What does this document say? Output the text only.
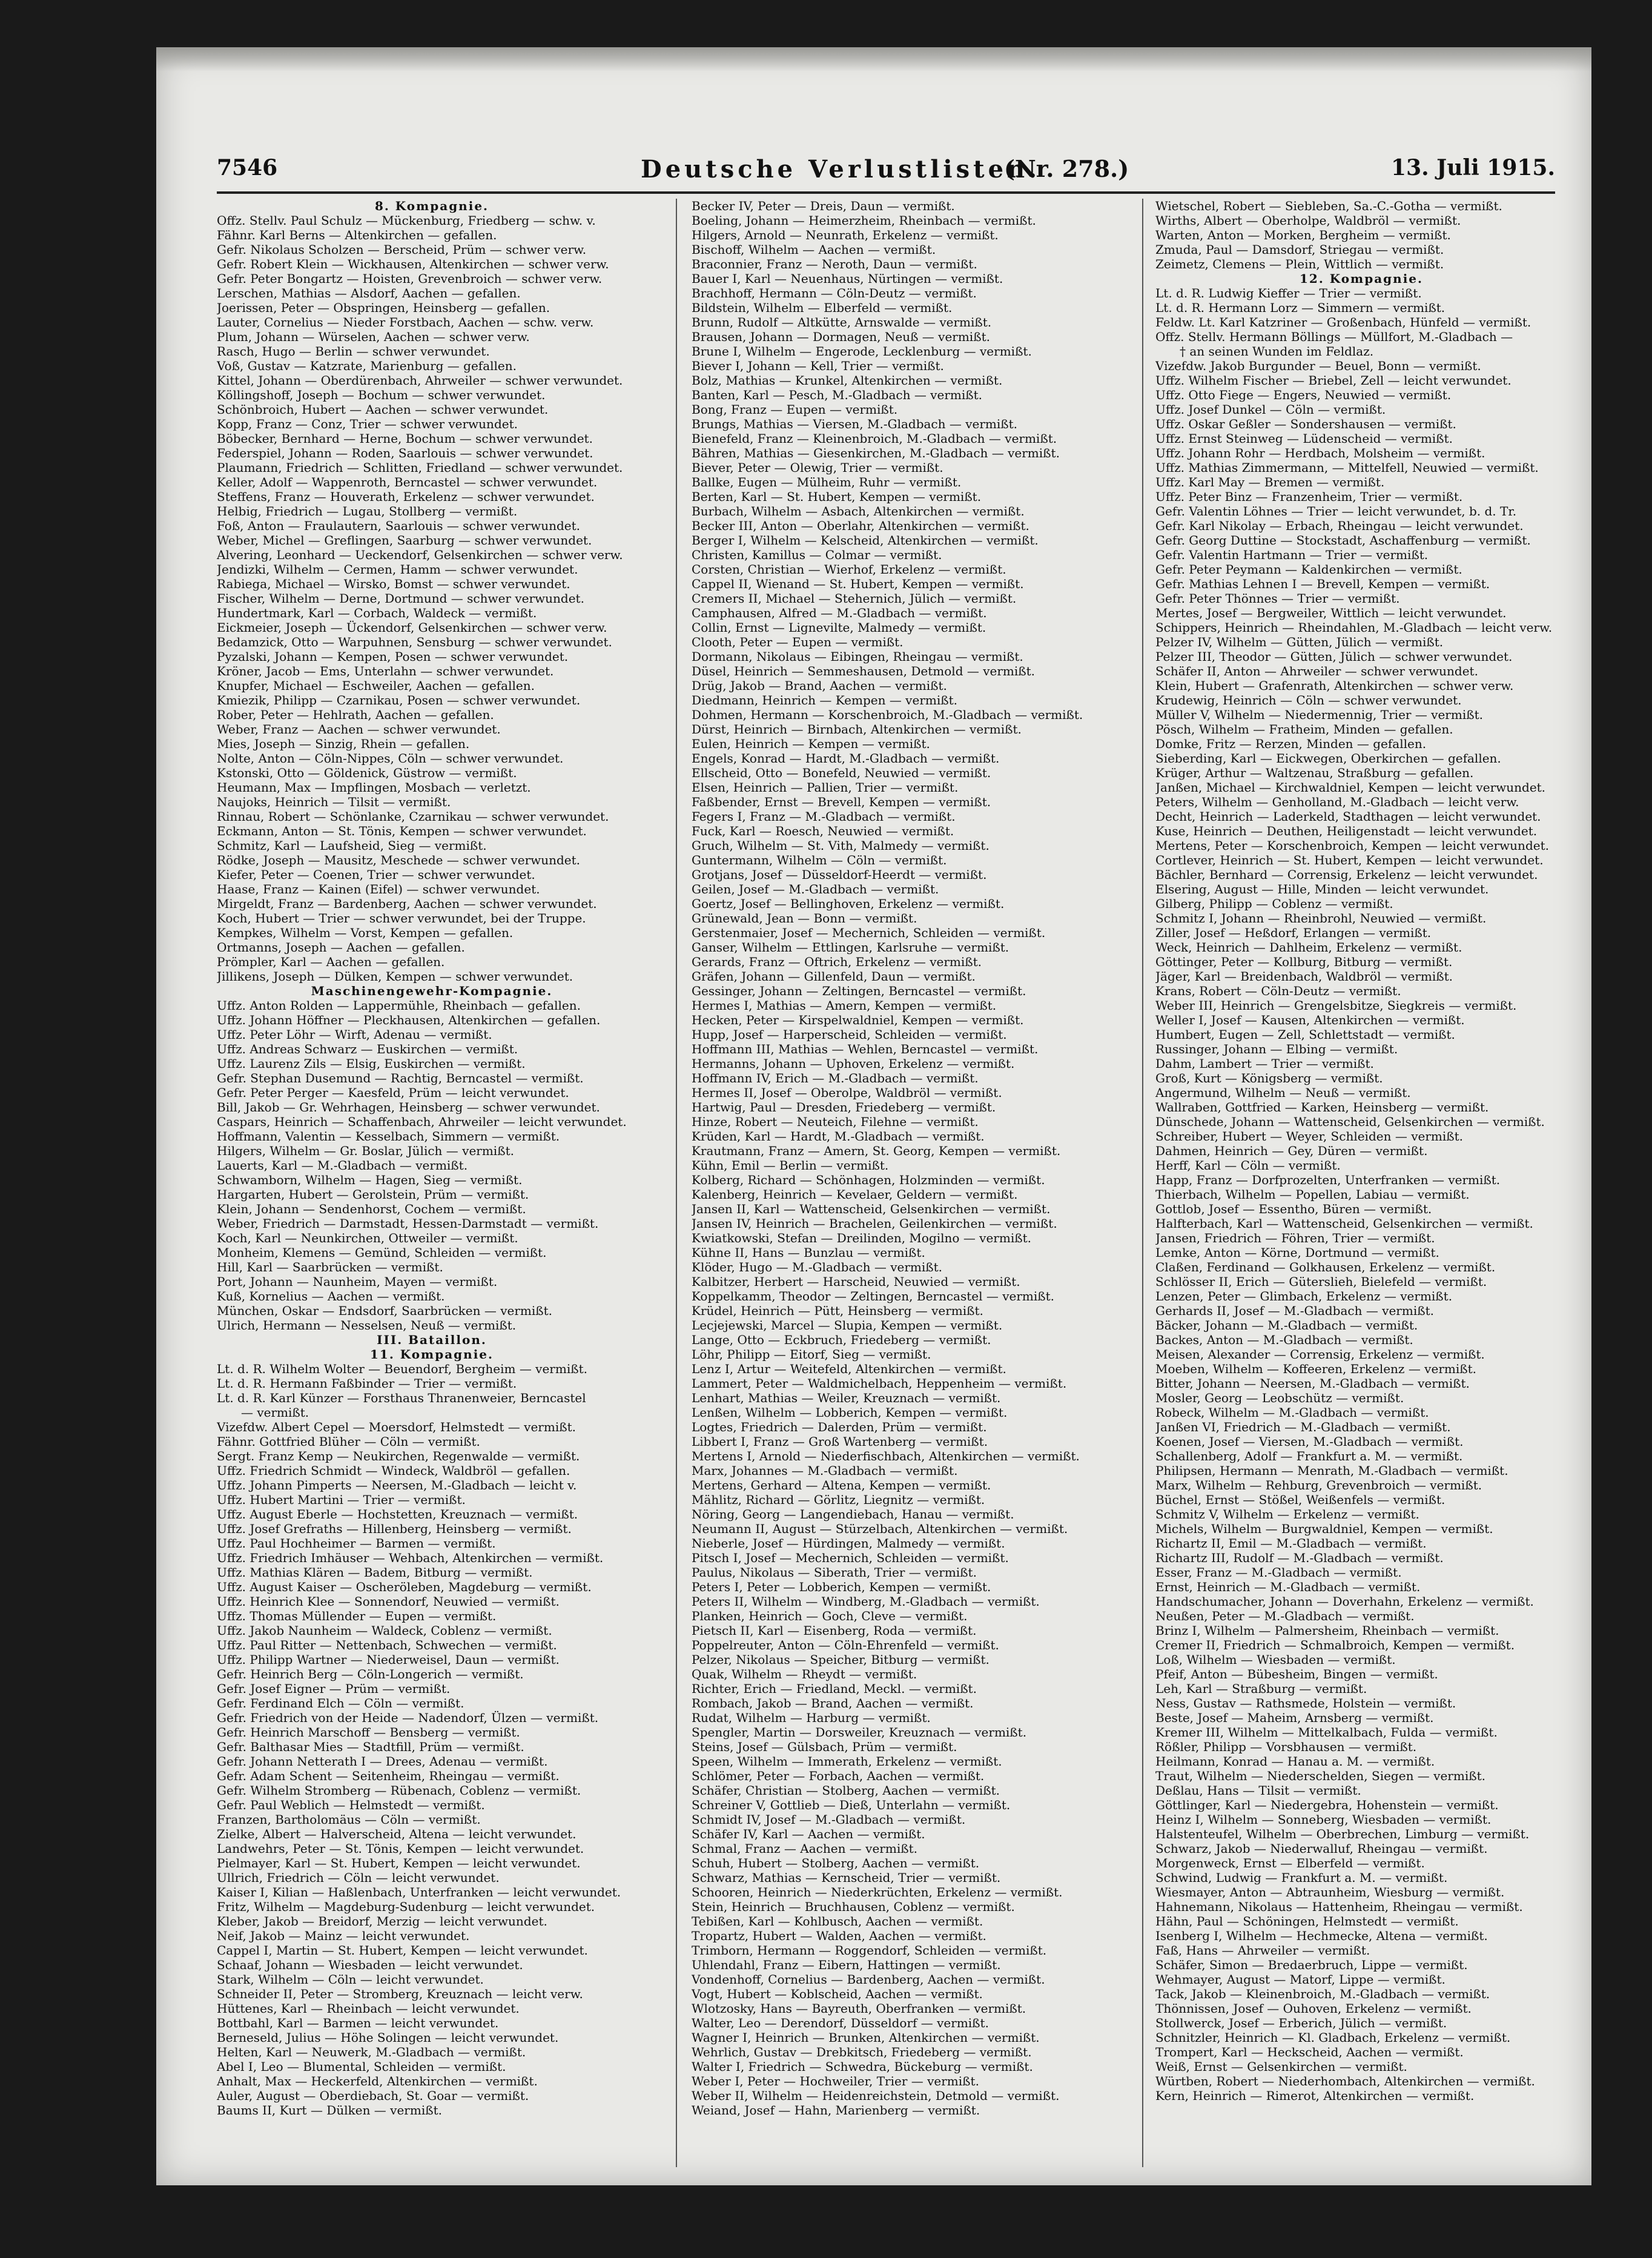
7546	Deutsche Verlustlisten.
(Nr. 278.)	13. Juli 1915.
8. Kompagnie.
Offz. Stellv. Paul Schulz — Mückenburg, Friedberg — schw. v.
Fähnr. Karl Berns — Altenkirchen — gefallen.
Gefr. Nikolaus Scholzen — Berscheid, Prüm — schwer verw.
Gefr. Robert Klein — Wickhausen, Altenkirchen — schwer verw.
Gefr. Peter Bongartz — Hoisten, Grevenbroich — schwer verw.
Lerschen, Mathias — Alsdorf, Aachen — gefallen.
Joerissen, Peter — Obspringen, Heinsberg — gefallen.
Lauter, Cornelius — Nieder Forstbach, Aachen — schw. verw.
Plum, Johann — Würselen, Aachen — schwer verw.
Rasch, Hugo — Berlin — schwer verwundet.
Voß, Gustav — Katzrate, Marienburg — gefallen.
Kittel, Johann — Oberdürenbach, Ahrweiler — schwer verwundet.
Köllingshoff, Joseph — Bochum — schwer verwundet.
Schönbroich, Hubert — Aachen — schwer verwundet.
Kopp, Franz — Conz, Trier — schwer verwundet.
Böbecker, Bernhard — Herne, Bochum — schwer verwundet.
Federspiel, Johann — Roden, Saarlouis — schwer verwundet.
Plaumann, Friedrich — Schlitten, Friedland — schwer verwundet.
Keller, Adolf — Wappenroth, Berncastel — schwer verwundet.
Steffens, Franz — Houverath, Erkelenz — schwer verwundet.
Helbig, Friedrich — Lugau, Stollberg — vermißt.
Foß, Anton — Fraulautern, Saarlouis — schwer verwundet.
Weber, Michel — Greflingen, Saarburg — schwer verwundet.
Alvering, Leonhard — Ueckendorf, Gelsenkirchen — schwer verw.
Jendizki, Wilhelm — Cermen, Hamm — schwer verwundet.
Rabiega, Michael — Wirsko, Bomst — schwer verwundet.
Fischer, Wilhelm — Derne, Dortmund — schwer verwundet.
Hundertmark, Karl — Corbach, Waldeck — vermißt.
Eickmeier, Joseph — Ückendorf, Gelsenkirchen — schwer verw.
Bedamzick, Otto — Warpuhnen, Sensburg — schwer verwundet.
Pyzalski, Johann — Kempen, Posen — schwer verwundet.
Kröner, Jacob — Ems, Unterlahn — schwer verwundet.
Knupfer, Michael — Eschweiler, Aachen — gefallen.
Kmiezik, Philipp — Czarnikau, Posen — schwer verwundet.
Rober, Peter — Hehlrath, Aachen — gefallen.
Weber, Franz — Aachen — schwer verwundet.
Mies, Joseph — Sinzig, Rhein — gefallen.
Nolte, Anton — Cöln-Nippes, Cöln — schwer verwundet.
Kstonski, Otto — Göldenick, Güstrow — vermißt.
Heumann, Max — Impflingen, Mosbach — verletzt.
Naujoks, Heinrich — Tilsit — vermißt.
Rinnau, Robert — Schönlanke, Czarnikau — schwer verwundet.
Eckmann, Anton — St. Tönis, Kempen — schwer verwundet.
Schmitz, Karl — Laufsheid, Sieg — vermißt.
Rödke, Joseph — Mausitz, Meschede — schwer verwundet.
Kiefer, Peter — Coenen, Trier — schwer verwundet.
Haase, Franz — Kainen (Eifel) — schwer verwundet.
Mirgeldt, Franz — Bardenberg, Aachen — schwer verwundet.
Koch, Hubert — Trier — schwer verwundet, bei der Truppe.
Kempkes, Wilhelm — Vorst, Kempen — gefallen.
Ortmanns, Joseph — Aachen — gefallen.
Prömpler, Karl — Aachen — gefallen.
Jillikens, Joseph — Dülken, Kempen — schwer verwundet.
Maschinengewehr-Kompagnie.
Uffz. Anton Rolden — Lappermühle, Rheinbach — gefallen.
Uffz. Johann Höffner — Pleckhausen, Altenkirchen — gefallen.
Uffz. Peter Löhr — Wirft, Adenau — vermißt.
Uffz. Andreas Schwarz — Euskirchen — vermißt.
Uffz. Laurenz Zils — Elsig, Euskirchen — vermißt.
Gefr. Stephan Dusemund — Rachtig, Berncastel — vermißt.
Gefr. Peter Perger — Kaesfeld, Prüm — leicht verwundet.
Bill, Jakob — Gr. Wehrhagen, Heinsberg — schwer verwundet.
Caspars, Heinrich — Schaffenbach, Ahrweiler — leicht verwundet.
Hoffmann, Valentin — Kesselbach, Simmern — vermißt.
Hilgers, Wilhelm — Gr. Boslar, Jülich — vermißt.
Lauerts, Karl — M.-Gladbach — vermißt.
Schwamborn, Wilhelm — Hagen, Sieg — vermißt.
Hargarten, Hubert — Gerolstein, Prüm — vermißt.
Klein, Johann — Sendenhorst, Cochem — vermißt.
Weber, Friedrich — Darmstadt, Hessen-Darmstadt — vermißt.
Koch, Karl — Neunkirchen, Ottweiler — vermißt.
Monheim, Klemens — Gemünd, Schleiden — vermißt.
Hill, Karl — Saarbrücken — vermißt.
Port, Johann — Naunheim, Mayen — vermißt.
Kuß, Kornelius — Aachen — vermißt.
München, Oskar — Endsdorf, Saarbrücken — vermißt.
Ulrich, Hermann — Nesselsen, Neuß — vermißt.
III. Bataillon.
11. Kompagnie.
Lt. d. R. Wilhelm Wolter — Beuendorf, Bergheim — vermißt.
Lt. d. R. Hermann Faßbinder — Trier — vermißt.
Lt. d. R. Karl Künzer — Forsthaus Thranenweier, Berncastel
— vermißt.
Vizefdw. Albert Cepel — Moersdorf, Helmstedt — vermißt.
Fähnr. Gottfried Blüher — Cöln — vermißt.
Sergt. Franz Kemp — Neukirchen, Regenwalde — vermißt.
Uffz. Friedrich Schmidt — Windeck, Waldbröl — gefallen.
Uffz. Johann Pimperts — Neersen, M.-Gladbach — leicht v.
Uffz. Hubert Martini — Trier — vermißt.
Uffz. August Eberle — Hochstetten, Kreuznach — vermißt.
Uffz. Josef Grefraths — Hillenberg, Heinsberg — vermißt.
Uffz. Paul Hochheimer — Barmen — vermißt.
Uffz. Friedrich Imhäuser — Wehbach, Altenkirchen — vermißt.
Uffz. Mathias Klären — Badem, Bitburg — vermißt.
Uffz. August Kaiser — Oscheröleben, Magdeburg — vermißt.
Uffz. Heinrich Klee — Sonnendorf, Neuwied — vermißt.
Uffz. Thomas Müllender — Eupen — vermißt.
Uffz. Jakob Naunheim — Waldeck, Coblenz — vermißt.
Uffz. Paul Ritter — Nettenbach, Schwechen — vermißt.
Uffz. Philipp Wartner — Niederweisel, Daun — vermißt.
Gefr. Heinrich Berg — Cöln-Longerich — vermißt.
Gefr. Josef Eigner — Prüm — vermißt.
Gefr. Ferdinand Elch — Cöln — vermißt.
Gefr. Friedrich von der Heide — Nadendorf, Ülzen — vermißt.
Gefr. Heinrich Marschoff — Bensberg — vermißt.
Gefr. Balthasar Mies — Stadtfill, Prüm — vermißt.
Gefr. Johann Netterath I — Drees, Adenau — vermißt.
Gefr. Adam Schent — Seitenheim, Rheingau — vermißt.
Gefr. Wilhelm Stromberg — Rübenach, Coblenz — vermißt.
Gefr. Paul Weblich — Helmstedt — vermißt.
Franzen, Bartholomäus — Cöln — vermißt.
Zielke, Albert — Halverscheid, Altena — leicht verwundet.
Landwehrs, Peter — St. Tönis, Kempen — leicht verwundet.
Pielmayer, Karl — St. Hubert, Kempen — leicht verwundet.
Ullrich, Friedrich — Cöln — leicht verwundet.
Kaiser I, Kilian — Haßlenbach, Unterfranken — leicht verwundet.
Fritz, Wilhelm — Magdeburg-Sudenburg — leicht verwundet.
Kleber, Jakob — Breidorf, Merzig — leicht verwundet.
Neif, Jakob — Mainz — leicht verwundet.
Cappel I, Martin — St. Hubert, Kempen — leicht verwundet.
Schaaf, Johann — Wiesbaden — leicht verwundet.
Stark, Wilhelm — Cöln — leicht verwundet.
Schneider II, Peter — Stromberg, Kreuznach — leicht verw.
Hüttenes, Karl — Rheinbach — leicht verwundet.
Bottbahl, Karl — Barmen — leicht verwundet.
Berneseld, Julius — Höhe Solingen — leicht verwundet.
Helten, Karl — Neuwerk, M.-Gladbach — vermißt.
Abel I, Leo — Blumental, Schleiden — vermißt.
Anhalt, Max — Heckerfeld, Altenkirchen — vermißt.
Auler, August — Oberdiebach, St. Goar — vermißt.
Baums II, Kurt — Dülken — vermißt.
Becker IV, Peter — Dreis, Daun — vermißt.
Boeling, Johann — Heimerzheim, Rheinbach — vermißt.
Hilgers, Arnold — Neunrath, Erkelenz — vermißt.
Bischoff, Wilhelm — Aachen — vermißt.
Braconnier, Franz — Neroth, Daun — vermißt.
Bauer I, Karl — Neuenhaus, Nürtingen — vermißt.
Brachhoff, Hermann — Cöln-Deutz — vermißt.
Bildstein, Wilhelm — Elberfeld — vermißt.
Brunn, Rudolf — Altkütte, Arnswalde — vermißt.
Brausen, Johann — Dormagen, Neuß — vermißt.
Brune I, Wilhelm — Engerode, Lecklenburg — vermißt.
Biever I, Johann — Kell, Trier — vermißt.
Bolz, Mathias — Krunkel, Altenkirchen — vermißt.
Banten, Karl — Pesch, M.-Gladbach — vermißt.
Bong, Franz — Eupen — vermißt.
Brungs, Mathias — Viersen, M.-Gladbach — vermißt.
Bienefeld, Franz — Kleinenbroich, M.-Gladbach — vermißt.
Bähren, Mathias — Giesenkirchen, M.-Gladbach — vermißt.
Biever, Peter — Olewig, Trier — vermißt.
Ballke, Eugen — Mülheim, Ruhr — vermißt.
Berten, Karl — St. Hubert, Kempen — vermißt.
Burbach, Wilhelm — Asbach, Altenkirchen — vermißt.
Becker III, Anton — Oberlahr, Altenkirchen — vermißt.
Berger I, Wilhelm — Kelscheid, Altenkirchen — vermißt.
Christen, Kamillus — Colmar — vermißt.
Corsten, Christian — Wierhof, Erkelenz — vermißt.
Cappel II, Wienand — St. Hubert, Kempen — vermißt.
Cremers II, Michael — Stehernich, Jülich — vermißt.
Camphausen, Alfred — M.-Gladbach — vermißt.
Collin, Ernst — Lignevilte, Malmedy — vermißt.
Clooth, Peter — Eupen — vermißt.
Dormann, Nikolaus — Eibingen, Rheingau — vermißt.
Düsel, Heinrich — Semmeshausen, Detmold — vermißt.
Drüg, Jakob — Brand, Aachen — vermißt.
Diedmann, Heinrich — Kempen — vermißt.
Dohmen, Hermann — Korschenbroich, M.-Gladbach — vermißt.
Dürst, Heinrich — Birnbach, Altenkirchen — vermißt.
Eulen, Heinrich — Kempen — vermißt.
Engels, Konrad — Hardt, M.-Gladbach — vermißt.
Ellscheid, Otto — Bonefeld, Neuwied — vermißt.
Elsen, Heinrich — Pallien, Trier — vermißt.
Faßbender, Ernst — Brevell, Kempen — vermißt.
Fegers I, Franz — M.-Gladbach — vermißt.
Fuck, Karl — Roesch, Neuwied — vermißt.
Gruch, Wilhelm — St. Vith, Malmedy — vermißt.
Guntermann, Wilhelm — Cöln — vermißt.
Grotjans, Josef — Düsseldorf-Heerdt — vermißt.
Geilen, Josef — M.-Gladbach — vermißt.
Goertz, Josef — Bellinghoven, Erkelenz — vermißt.
Grünewald, Jean — Bonn — vermißt.
Gerstenmaier, Josef — Mechernich, Schleiden — vermißt.
Ganser, Wilhelm — Ettlingen, Karlsruhe — vermißt.
Gerards, Franz — Oftrich, Erkelenz — vermißt.
Gräfen, Johann — Gillenfeld, Daun — vermißt.
Gessinger, Johann — Zeltingen, Berncastel — vermißt.
Hermes I, Mathias — Amern, Kempen — vermißt.
Hecken, Peter — Kirspelwaldniel, Kempen — vermißt.
Hupp, Josef — Harperscheid, Schleiden — vermißt.
Hoffmann III, Mathias — Wehlen, Berncastel — vermißt.
Hermanns, Johann — Uphoven, Erkelenz — vermißt.
Hoffmann IV, Erich — M.-Gladbach — vermißt.
Hermes II, Josef — Oberolpe, Waldbröl — vermißt.
Hartwig, Paul — Dresden, Friedeberg — vermißt.
Hinze, Robert — Neuteich, Filehne — vermißt.
Krüden, Karl — Hardt, M.-Gladbach — vermißt.
Krautmann, Franz — Amern, St. Georg, Kempen — vermißt.
Kühn, Emil — Berlin — vermißt.
Kolberg, Richard — Schönhagen, Holzminden — vermißt.
Kalenberg, Heinrich — Kevelaer, Geldern — vermißt.
Jansen II, Karl — Wattenscheid, Gelsenkirchen — vermißt.
Jansen IV, Heinrich — Brachelen, Geilenkirchen — vermißt.
Kwiatkowski, Stefan — Dreilinden, Mogilno — vermißt.
Kühne II, Hans — Bunzlau — vermißt.
Klöder, Hugo — M.-Gladbach — vermißt.
Kalbitzer, Herbert — Harscheid, Neuwied — vermißt.
Koppelkamm, Theodor — Zeltingen, Berncastel — vermißt.
Krüdel, Heinrich — Pütt, Heinsberg — vermißt.
Lecjejewski, Marcel — Slupia, Kempen — vermißt.
Lange, Otto — Eckbruch, Friedeberg — vermißt.
Löhr, Philipp — Eitorf, Sieg — vermißt.
Lenz I, Artur — Weitefeld, Altenkirchen — vermißt.
Lammert, Peter — Waldmichelbach, Heppenheim — vermißt.
Lenhart, Mathias — Weiler, Kreuznach — vermißt.
Lenßen, Wilhelm — Lobberich, Kempen — vermißt.
Logtes, Friedrich — Dalerden, Prüm — vermißt.
Libbert I, Franz — Groß Wartenberg — vermißt.
Mertens I, Arnold — Niederfischbach, Altenkirchen — vermißt.
Marx, Johannes — M.-Gladbach — vermißt.
Mertens, Gerhard — Altena, Kempen — vermißt.
Mählitz, Richard — Görlitz, Liegnitz — vermißt.
Nöring, Georg — Langendiebach, Hanau — vermißt.
Neumann II, August — Stürzelbach, Altenkirchen — vermißt.
Nieberle, Josef — Hürdingen, Malmedy — vermißt.
Pitsch I, Josef — Mechernich, Schleiden — vermißt.
Paulus, Nikolaus — Siberath, Trier — vermißt.
Peters I, Peter — Lobberich, Kempen — vermißt.
Peters II, Wilhelm — Windberg, M.-Gladbach — vermißt.
Planken, Heinrich — Goch, Cleve — vermißt.
Pietsch II, Karl — Eisenberg, Roda — vermißt.
Poppelreuter, Anton — Cöln-Ehrenfeld — vermißt.
Pelzer, Nikolaus — Speicher, Bitburg — vermißt.
Quak, Wilhelm — Rheydt — vermißt.
Richter, Erich — Friedland, Meckl. — vermißt.
Rombach, Jakob — Brand, Aachen — vermißt.
Rudat, Wilhelm — Harburg — vermißt.
Spengler, Martin — Dorsweiler, Kreuznach — vermißt.
Steins, Josef — Gülsbach, Prüm — vermißt.
Speen, Wilhelm — Immerath, Erkelenz — vermißt.
Schlömer, Peter — Forbach, Aachen — vermißt.
Schäfer, Christian — Stolberg, Aachen — vermißt.
Schreiner V, Gottlieb — Dieß, Unterlahn — vermißt.
Schmidt IV, Josef — M.-Gladbach — vermißt.
Schäfer IV, Karl — Aachen — vermißt.
Schmal, Franz — Aachen — vermißt.
Schuh, Hubert — Stolberg, Aachen — vermißt.
Schwarz, Mathias — Kernscheid, Trier — vermißt.
Schooren, Heinrich — Niederkrüchten, Erkelenz — vermißt.
Stein, Heinrich — Bruchhausen, Coblenz — vermißt.
Tebißen, Karl — Kohlbusch, Aachen — vermißt.
Tropartz, Hubert — Walden, Aachen — vermißt.
Trimborn, Hermann — Roggendorf, Schleiden — vermißt.
Uhlendahl, Franz — Eibern, Hattingen — vermißt.
Vondenhoff, Cornelius — Bardenberg, Aachen — vermißt.
Vogt, Hubert — Koblscheid, Aachen — vermißt.
Wlotzosky, Hans — Bayreuth, Oberfranken — vermißt.
Walter, Leo — Derendorf, Düsseldorf — vermißt.
Wagner I, Heinrich — Brunken, Altenkirchen — vermißt.
Wehrlich, Gustav — Drebkitsch, Friedeberg — vermißt.
Walter I, Friedrich — Schwedra, Bückeburg — vermißt.
Weber I, Peter — Hochweiler, Trier — vermißt.
Weber II, Wilhelm — Heidenreichstein, Detmold — vermißt.
Weiand, Josef — Hahn, Marienberg — vermißt.
Wietschel, Robert — Siebleben, Sa.-C.-Gotha — vermißt.
Wirths, Albert — Oberholpe, Waldbröl — vermißt.
Warten, Anton — Morken, Bergheim — vermißt.
Zmuda, Paul — Damsdorf, Striegau — vermißt.
Zeimetz, Clemens — Plein, Wittlich — vermißt.
12. Kompagnie.
Lt. d. R. Ludwig Kieffer — Trier — vermißt.
Lt. d. R. Hermann Lorz — Simmern — vermißt.
Feldw. Lt. Karl Katzriner — Großenbach, Hünfeld — vermißt.
Offz. Stellv. Hermann Böllings — Müllfort, M.-Gladbach —
† an seinen Wunden im Feldlaz.
Vizefdw. Jakob Burgunder — Beuel, Bonn — vermißt.
Uffz. Wilhelm Fischer — Briebel, Zell — leicht verwundet.
Uffz. Otto Fiege — Engers, Neuwied — vermißt.
Uffz. Josef Dunkel — Cöln — vermißt.
Uffz. Oskar Geßler — Sondershausen — vermißt.
Uffz. Ernst Steinweg — Lüdenscheid — vermißt.
Uffz. Johann Rohr — Herdbach, Molsheim — vermißt.
Uffz. Mathias Zimmermann, — Mittelfell, Neuwied — vermißt.
Uffz. Karl May — Bremen — vermißt.
Uffz. Peter Binz — Franzenheim, Trier — vermißt.
Gefr. Valentin Löhnes — Trier — leicht verwundet, b. d. Tr.
Gefr. Karl Nikolay — Erbach, Rheingau — leicht verwundet.
Gefr. Georg Duttine — Stockstadt, Aschaffenburg — vermißt.
Gefr. Valentin Hartmann — Trier — vermißt.
Gefr. Peter Peymann — Kaldenkirchen — vermißt.
Gefr. Mathias Lehnen I — Brevell, Kempen — vermißt.
Gefr. Peter Thönnes — Trier — vermißt.
Mertes, Josef — Bergweiler, Wittlich — leicht verwundet.
Schippers, Heinrich — Rheindahlen, M.-Gladbach — leicht verw.
Pelzer IV, Wilhelm — Gütten, Jülich — vermißt.
Pelzer III, Theodor — Gütten, Jülich — schwer verwundet.
Schäfer II, Anton — Ahrweiler — schwer verwundet.
Klein, Hubert — Grafenrath, Altenkirchen — schwer verw.
Krudewig, Heinrich — Cöln — schwer verwundet.
Müller V, Wilhelm — Niedermennig, Trier — vermißt.
Pösch, Wilhelm — Fratheim, Minden — gefallen.
Domke, Fritz — Rerzen, Minden — gefallen.
Sieberding, Karl — Eickwegen, Oberkirchen — gefallen.
Krüger, Arthur — Waltzenau, Straßburg — gefallen.
Janßen, Michael — Kirchwaldniel, Kempen — leicht verwundet.
Peters, Wilhelm — Genholland, M.-Gladbach — leicht verw.
Decht, Heinrich — Laderkeld, Stadthagen — leicht verwundet.
Kuse, Heinrich — Deuthen, Heiligenstadt — leicht verwundet.
Mertens, Peter — Korschenbroich, Kempen — leicht verwundet.
Cortlever, Heinrich — St. Hubert, Kempen — leicht verwundet.
Bächler, Bernhard — Corrensig, Erkelenz — leicht verwundet.
Elsering, August — Hille, Minden — leicht verwundet.
Gilberg, Philipp — Coblenz — vermißt.
Schmitz I, Johann — Rheinbrohl, Neuwied — vermißt.
Ziller, Josef — Heßdorf, Erlangen — vermißt.
Weck, Heinrich — Dahlheim, Erkelenz — vermißt.
Göttinger, Peter — Kollburg, Bitburg — vermißt.
Jäger, Karl — Breidenbach, Waldbröl — vermißt.
Krans, Robert — Cöln-Deutz — vermißt.
Weber III, Heinrich — Grengelsbitze, Siegkreis — vermißt.
Weller I, Josef — Kausen, Altenkirchen — vermißt.
Humbert, Eugen — Zell, Schlettstadt — vermißt.
Russinger, Johann — Elbing — vermißt.
Dahm, Lambert — Trier — vermißt.
Groß, Kurt — Königsberg — vermißt.
Angermund, Wilhelm — Neuß — vermißt.
Wallraben, Gottfried — Karken, Heinsberg — vermißt.
Dünschede, Johann — Wattenscheid, Gelsenkirchen — vermißt.
Schreiber, Hubert — Weyer, Schleiden — vermißt.
Dahmen, Heinrich — Gey, Düren — vermißt.
Herff, Karl — Cöln — vermißt.
Happ, Franz — Dorfprozelten, Unterfranken — vermißt.
Thierbach, Wilhelm — Popellen, Labiau — vermißt.
Gottlob, Josef — Essentho, Büren — vermißt.
Halfterbach, Karl — Wattenscheid, Gelsenkirchen — vermißt.
Jansen, Friedrich — Föhren, Trier — vermißt.
Lemke, Anton — Körne, Dortmund — vermißt.
Claßen, Ferdinand — Golkhausen, Erkelenz — vermißt.
Schlösser II, Erich — Güterslieh, Bielefeld — vermißt.
Lenzen, Peter — Glimbach, Erkelenz — vermißt.
Gerhards II, Josef — M.-Gladbach — vermißt.
Bäcker, Johann — M.-Gladbach — vermißt.
Backes, Anton — M.-Gladbach — vermißt.
Meisen, Alexander — Corrensig, Erkelenz — vermißt.
Moeben, Wilhelm — Koffeeren, Erkelenz — vermißt.
Bitter, Johann — Neersen, M.-Gladbach — vermißt.
Mosler, Georg — Leobschütz — vermißt.
Robeck, Wilhelm — M.-Gladbach — vermißt.
Janßen VI, Friedrich — M.-Gladbach — vermißt.
Koenen, Josef — Viersen, M.-Gladbach — vermißt.
Schallenberg, Adolf — Frankfurt a. M. — vermißt.
Philipsen, Hermann — Menrath, M.-Gladbach — vermißt.
Marx, Wilhelm — Rehburg, Grevenbroich — vermißt.
Büchel, Ernst — Stößel, Weißenfels — vermißt.
Schmitz V, Wilhelm — Erkelenz — vermißt.
Michels, Wilhelm — Burgwaldniel, Kempen — vermißt.
Richartz II, Emil — M.-Gladbach — vermißt.
Richartz III, Rudolf — M.-Gladbach — vermißt.
Esser, Franz — M.-Gladbach — vermißt.
Ernst, Heinrich — M.-Gladbach — vermißt.
Handschumacher, Johann — Doverhahn, Erkelenz — vermißt.
Neußen, Peter — M.-Gladbach — vermißt.
Brinz I, Wilhelm — Palmersheim, Rheinbach — vermißt.
Cremer II, Friedrich — Schmalbroich, Kempen — vermißt.
Loß, Wilhelm — Wiesbaden — vermißt.
Pfeif, Anton — Bübesheim, Bingen — vermißt.
Leh, Karl — Straßburg — vermißt.
Ness, Gustav — Rathsmede, Holstein — vermißt.
Beste, Josef — Maheim, Arnsberg — vermißt.
Kremer III, Wilhelm — Mittelkalbach, Fulda — vermißt.
Rößler, Philipp — Vorsbhausen — vermißt.
Heilmann, Konrad — Hanau a. M. — vermißt.
Traut, Wilhelm — Niederschelden, Siegen — vermißt.
Deßlau, Hans — Tilsit — vermißt.
Göttlinger, Karl — Niedergebra, Hohenstein — vermißt.
Heinz I, Wilhelm — Sonneberg, Wiesbaden — vermißt.
Halstenteufel, Wilhelm — Oberbrechen, Limburg — vermißt.
Schwarz, Jakob — Niederwalluf, Rheingau — vermißt.
Morgenweck, Ernst — Elberfeld — vermißt.
Schwind, Ludwig — Frankfurt a. M. — vermißt.
Wiesmayer, Anton — Abtraunheim, Wiesburg — vermißt.
Hahnemann, Nikolaus — Hattenheim, Rheingau — vermißt.
Hähn, Paul — Schöningen, Helmstedt — vermißt.
Isenberg I, Wilhelm — Hechmecke, Altena — vermißt.
Faß, Hans — Ahrweiler — vermißt.
Schäfer, Simon — Bredaerbruch, Lippe — vermißt.
Wehmayer, August — Matorf, Lippe — vermißt.
Tack, Jakob — Kleinenbroich, M.-Gladbach — vermißt.
Thönnissen, Josef — Ouhoven, Erkelenz — vermißt.
Stollwerck, Josef — Erberich, Jülich — vermißt.
Schnitzler, Heinrich — Kl. Gladbach, Erkelenz — vermißt.
Trompert, Karl — Heckscheid, Aachen — vermißt.
Weiß, Ernst — Gelsenkirchen — vermißt.
Würtben, Robert — Niederhombach, Altenkirchen — vermißt.
Kern, Heinrich — Rimerot, Altenkirchen — vermißt.
